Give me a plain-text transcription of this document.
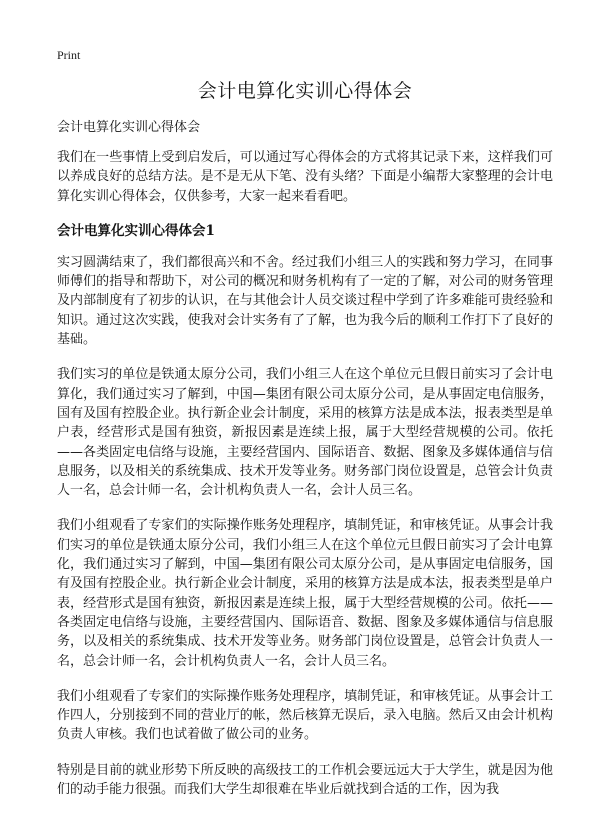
Print
会计电算化实训心得体会

会计电算化实训心得体会

我们在一些事情上受到启发后，可以通过写心得体会的方式将其记录下来，这样我们可以养成良好的总结方法。是不是无从下笔、没有头绪？下面是小编帮大家整理的会计电算化实训心得体会，仅供参考，大家一起来看看吧。

会计电算化实训心得体会1

实习圆满结束了，我们都很高兴和不舍。经过我们小组三人的实践和努力学习，在同事师傅们的指导和帮助下，对公司的概况和财务机构有了一定的了解，对公司的财务管理及内部制度有了初步的认识，在与其他会计人员交谈过程中学到了许多难能可贵经验和知识。通过这次实践，使我对会计实务有了了解，也为我今后的顺利工作打下了良好的基础。

我们实习的单位是铁通太原分公司，我们小组三人在这个单位元旦假日前实习了会计电算化，我们通过实习了解到，中国—集团有限公司太原分公司，是从事固定电信服务，国有及国有控股企业。执行新企业会计制度，采用的核算方法是成本法，报表类型是单户表，经营形式是国有独资，新报因素是连续上报，属于大型经营规模的公司。依托——各类固定电信络与设施，主要经营国内、国际语音、数据、图象及多媒体通信与信息服务，以及相关的系统集成、技术开发等业务。财务部门岗位设置是，总管会计负责人一名，总会计师一名，会计机构负责人一名，会计人员三名。

我们小组观看了专家们的实际操作账务处理程序，填制凭证，和审核凭证。从事会计我们实习的单位是铁通太原分公司，我们小组三人在这个单位元旦假日前实习了会计电算化，我们通过实习了解到，中国—集团有限公司太原分公司，是从事固定电信服务，国有及国有控股企业。执行新企业会计制度，采用的核算方法是成本法，报表类型是单户表，经营形式是国有独资，新报因素是连续上报，属于大型经营规模的公司。依托——各类固定电信络与设施，主要经营国内、国际语音、数据、图象及多媒体通信与信息服务，以及相关的系统集成、技术开发等业务。财务部门岗位设置是，总管会计负责人一名，总会计师一名，会计机构负责人一名，会计人员三名。

我们小组观看了专家们的实际操作账务处理程序，填制凭证，和审核凭证。从事会计工作四人，分别接到不同的营业厅的帐，然后核算无误后，录入电脑。然后又由会计机构负责人审核。我们也试着做了做公司的业务。

特别是目前的就业形势下所反映的高级技工的工作机会要远远大于大学生，就是因为他们的动手能力很强。而我们大学生却很难在毕业后就找到合适的工作，因为我
